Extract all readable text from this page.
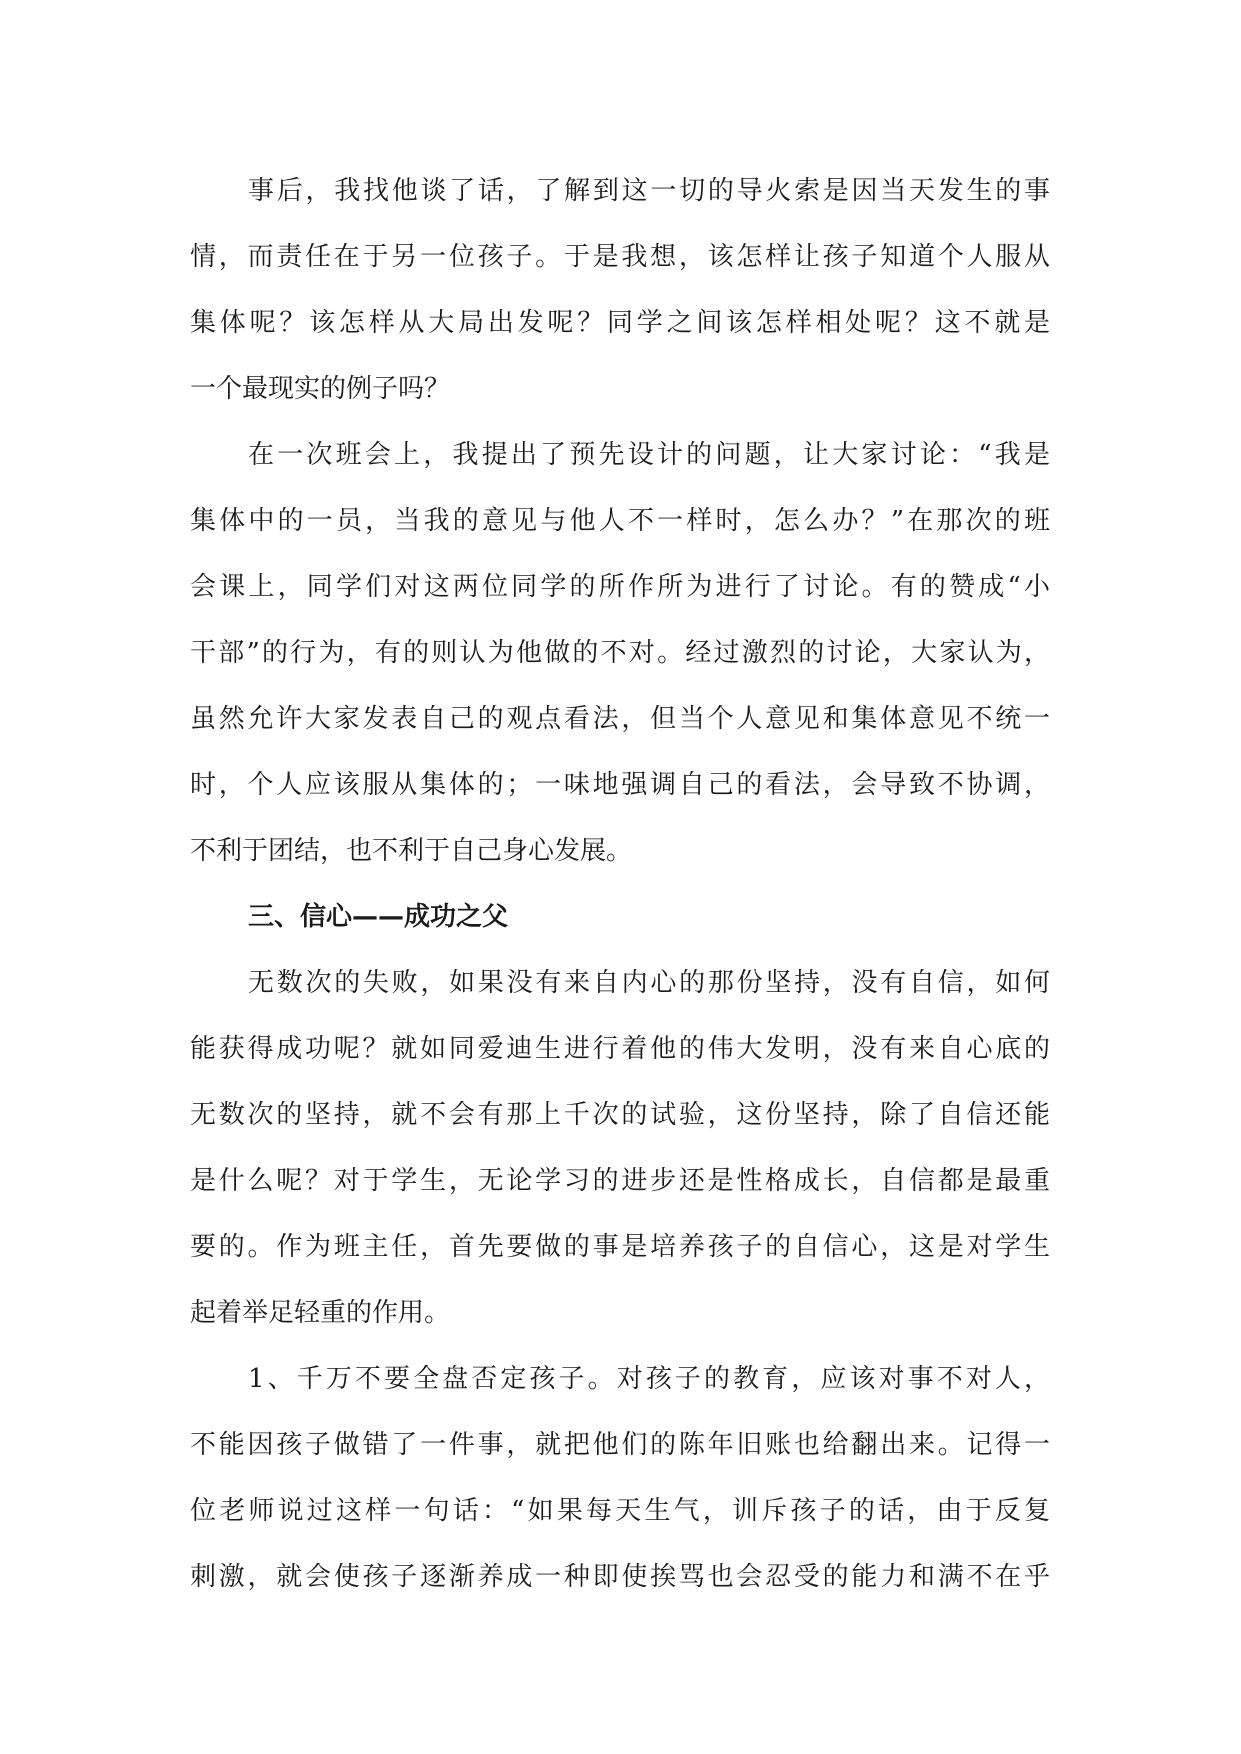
事后，我找他谈了话，了解到这一切的导火索是因当天发生的事
情，而责任在于另一位孩子。于是我想，该怎样让孩子知道个人服从
集体呢？该怎样从大局出发呢？同学之间该怎样相处呢？这不就是
一个最现实的例子吗？
在一次班会上，我提出了预先设计的问题，让大家讨论：“我是
集体中的一员，当我的意见与他人不一样时，怎么办？”在那次的班
会课上，同学们对这两位同学的所作所为进行了讨论。有的赞成“小
干部”的行为，有的则认为他做的不对。经过激烈的讨论，大家认为，
虽然允许大家发表自己的观点看法，但当个人意见和集体意见不统一
时，个人应该服从集体的；一味地强调自己的看法，会导致不协调，
不利于团结，也不利于自己身心发展。
三、信心——成功之父
无数次的失败，如果没有来自内心的那份坚持，没有自信，如何
能获得成功呢？就如同爱迪生进行着他的伟大发明，没有来自心底的
无数次的坚持，就不会有那上千次的试验，这份坚持，除了自信还能
是什么呢？对于学生，无论学习的进步还是性格成长，自信都是最重
要的。作为班主任，首先要做的事是培养孩子的自信心，这是对学生
起着举足轻重的作用。
1、千万不要全盘否定孩子。对孩子的教育，应该对事不对人，
不能因孩子做错了一件事，就把他们的陈年旧账也给翻出来。记得一
位老师说过这样一句话：“如果每天生气，训斥孩子的话，由于反复
刺激，就会使孩子逐渐养成一种即使挨骂也会忍受的能力和满不在乎
